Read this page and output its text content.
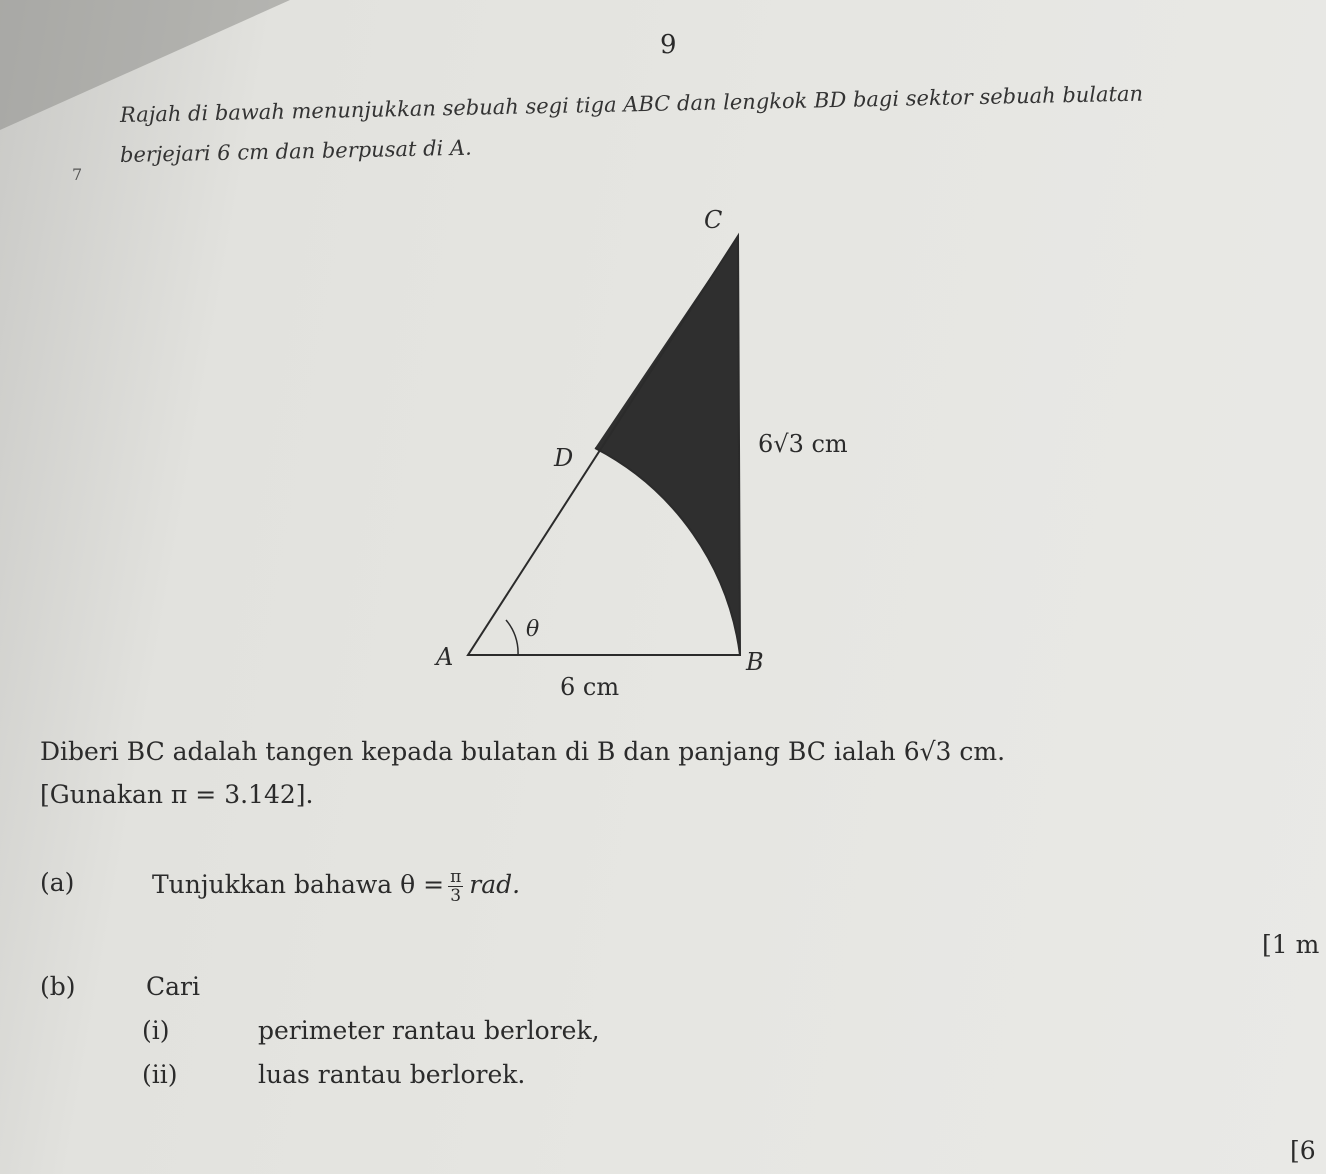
9
Rajah di bawah menunjukkan sebuah segi tiga ABC dan lengkok BD bagi sektor sebuah bulatan
berjejari 6 cm dan berpusat di A.
7
C
D
A	B
θ
6 cm
6√3 cm
Diberi BC adalah tangen kepada bulatan di B dan panjang BC ialah 6√3 cm.
[Gunakan π = 3.142].
(a)	Tunjukkan bahawa $\theta = \frac{\pi}{3}$ rad.
[1 m
(b)	Cari
(i)	perimeter rantau berlorek,
(ii)	luas rantau berlorek.
[6
